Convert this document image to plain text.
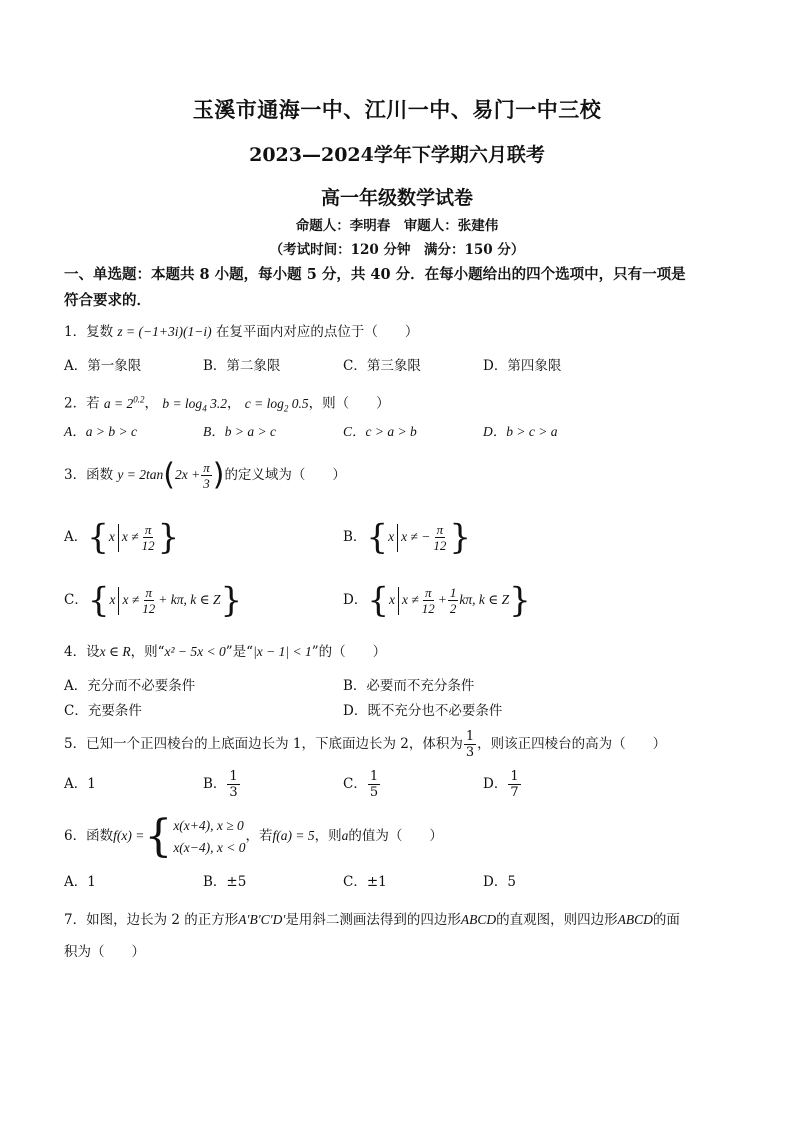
玉溪市通海一中、江川一中、易门一中三校
2023—2024学年下学期六月联考
高一年级数学试卷
命题人：李明春　审题人：张建伟
（考试时间：120 分钟　满分：150 分）
一、单选题：本题共 8 小题，每小题 5 分，共 40 分．在每小题给出的四个选项中，只有一项是
符合要求的．
1．复数 z = (−1+3i)(1−i) 在复平面内对应的点位于（　　）
A．第一象限	B．第二象限	C．第三象限	D．第四象限
2．若 $a = 2^{0.2}$， $b = \log_4 3.2$， $c = \log_2 0.5$，则（　　）
A．a > b > c	B．b > a > c	C．c > a > b	D．b > c > a
3．函数 $y = 2\tan(2x + \frac{\pi}{3}$ )的定义域为（　　）
A．{x $x \ne \frac{\pi}{12}$ }	B．{x x ≠ − $\frac{\pi}{12}$ }
C．{x $x \ne \frac{\pi}{12} + k\pi$, k ∈ Z}	D．{x $x \ne \frac{\pi}{12} + \frac{1}{2} k\pi$, k ∈ Z}
4．设x ∈ R，则“x² − 5x < 0”是“|x − 1| < 1”的（　　）
A．充分而不必要条件	B．必要而不充分条件
C．充要条件	D．既不充分也不必要条件
5．已知一个正四棱台的上底面边长为 1，下底面边长为 2，体积为 $\frac{1}{3}$ ，则该正四棱台的高为（　　）
A．1	B． $\frac{1}{3}$	C． $\frac{1}{5}$	D． $\frac{1}{7}$
6．函数f(x) = { x(x+4), x ≥ 0
x(x−4), x < 0
，若f(a) = 5，则a的值为（　　）
A．1	B．±5	C．±1	D．5
7．如图，边长为 2 的正方形A′B′C′D′是用斜二测画法得到的四边形ABCD的直观图，则四边形ABCD的面
积为（　　）
